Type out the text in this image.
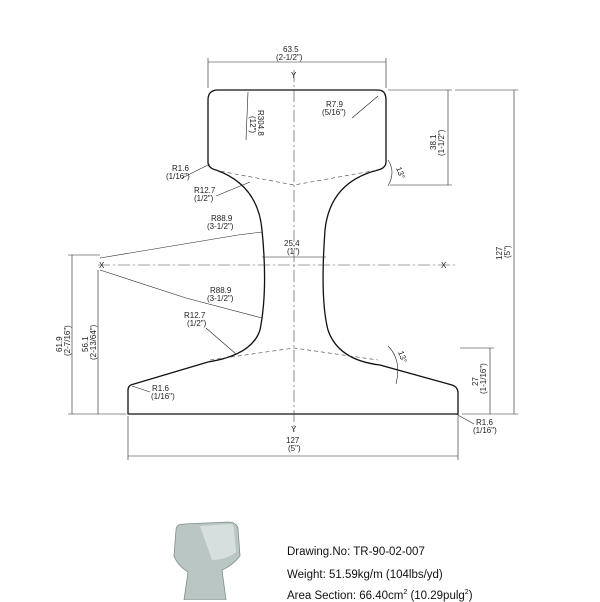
Y
Y
X	X
63.5
(2-1/2")
R304.8
(12")
R7.9
(5/16")
38.1 (1-1/2")
13°
R1.6
(1/16")
R12.7
(1/2")
R88.9
(3-1/2")
25.4
(1")	127 (5")
R88.9
(3-1/2")
R12.7
(1/2")
61.9 (2-7/16") 56.1 (2-13/64")	13°
27 (1-1/16")
R1.6
(1/16")
R1.6
(1/16")
127
(5")
Drawing.No: TR-90-02-007
Weight: 51.59kg/m (104lbs/yd)
Area Section: $66.40cm^2$ (10.29pulg$^2$)
